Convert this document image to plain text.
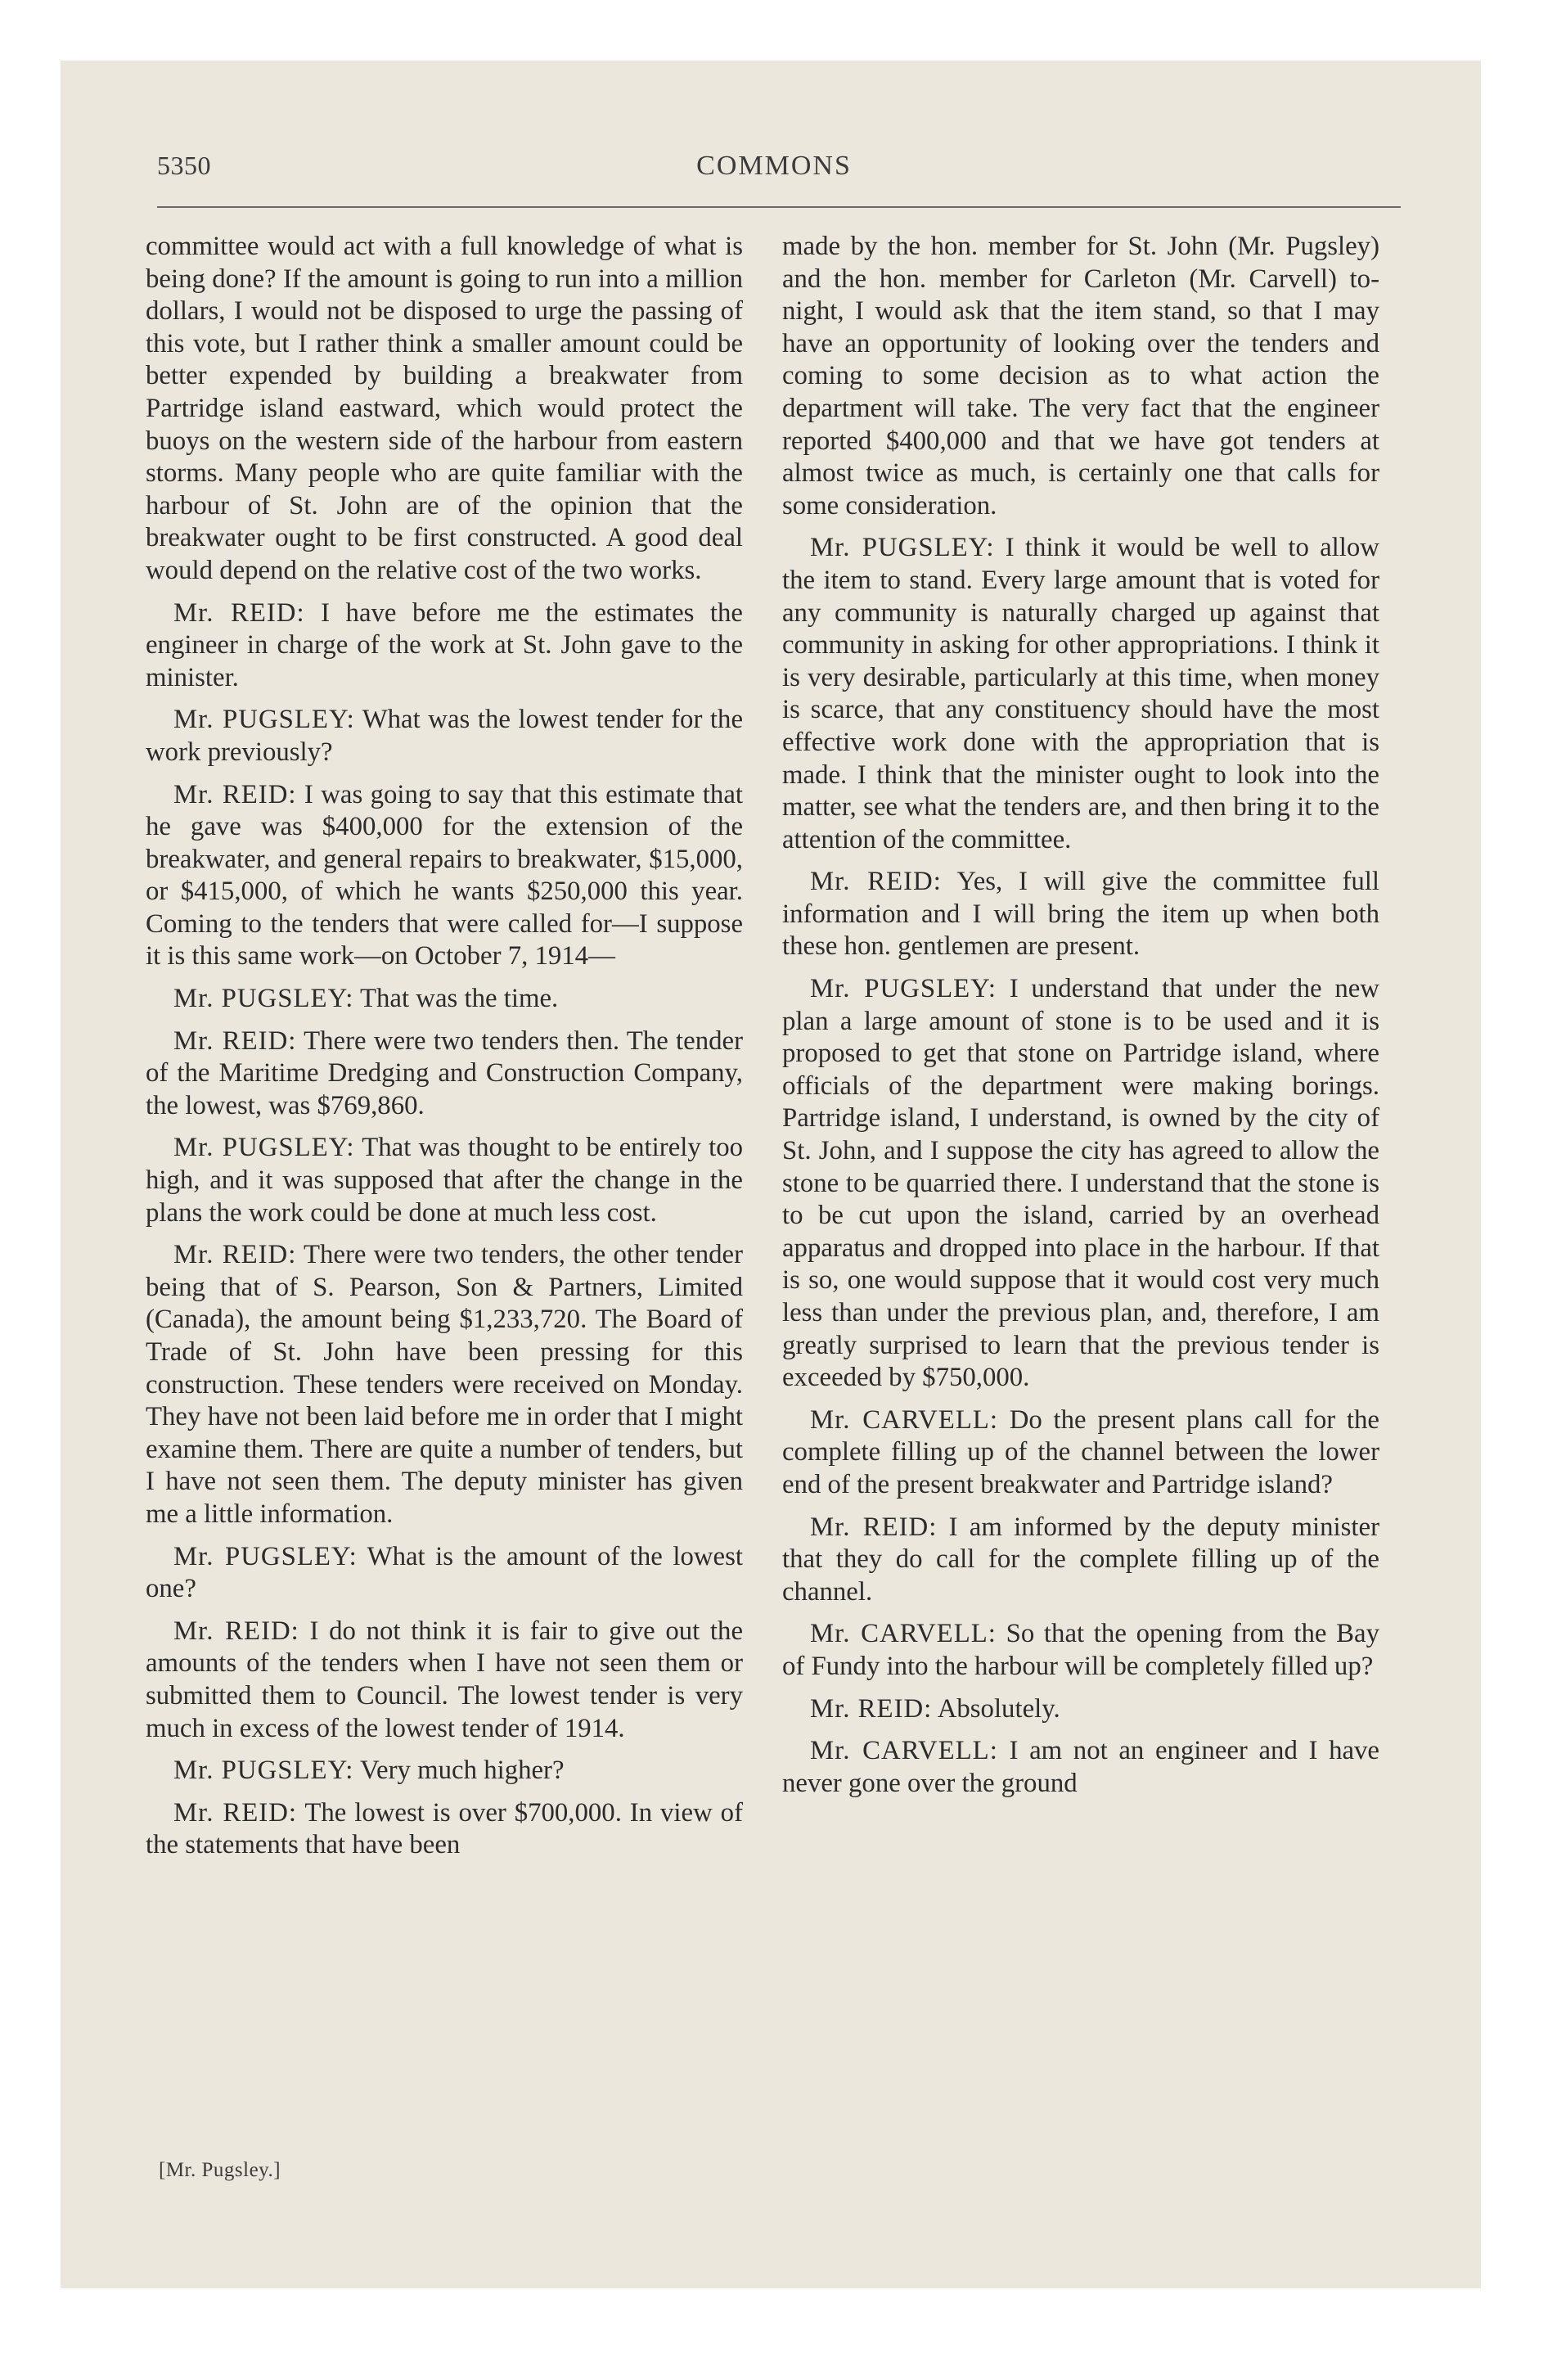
5350	COMMONS

committee would act with a full knowledge of what is being done? If the amount is going to run into a million dollars, I would not be disposed to urge the passing of this vote, but I rather think a smaller amount could be better expended by building a breakwater from Partridge island eastward, which would protect the buoys on the western side of the harbour from eastern storms. Many people who are quite familiar with the harbour of St. John are of the opinion that the breakwater ought to be first constructed. A good deal would depend on the relative cost of the two works.

Mr. REID: I have before me the estimates the engineer in charge of the work at St. John gave to the minister.

Mr. PUGSLEY: What was the lowest tender for the work previously?

Mr. REID: I was going to say that this estimate that he gave was $400,000 for the extension of the breakwater, and general repairs to breakwater, $15,000, or $415,000, of which he wants $250,000 this year. Coming to the tenders that were called for—I suppose it is this same work—on October 7, 1914—

Mr. PUGSLEY: That was the time.

Mr. REID: There were two tenders then. The tender of the Maritime Dredging and Construction Company, the lowest, was $769,860.

Mr. PUGSLEY: That was thought to be entirely too high, and it was supposed that after the change in the plans the work could be done at much less cost.

Mr. REID: There were two tenders, the other tender being that of S. Pearson, Son & Partners, Limited (Canada), the amount being $1,233,720. The Board of Trade of St. John have been pressing for this construction. These tenders were received on Monday. They have not been laid before me in order that I might examine them. There are quite a number of tenders, but I have not seen them. The deputy minister has given me a little information.

Mr. PUGSLEY: What is the amount of the lowest one?

Mr. REID: I do not think it is fair to give out the amounts of the tenders when I have not seen them or submitted them to Council. The lowest tender is very much in excess of the lowest tender of 1914.

Mr. PUGSLEY: Very much higher?

Mr. REID: The lowest is over $700,000. In view of the statements that have been

made by the hon. member for St. John (Mr. Pugsley) and the hon. member for Carleton (Mr. Carvell) to-night, I would ask that the item stand, so that I may have an opportunity of looking over the tenders and coming to some decision as to what action the department will take. The very fact that the engineer reported $400,000 and that we have got tenders at almost twice as much, is certainly one that calls for some consideration.

Mr. PUGSLEY: I think it would be well to allow the item to stand. Every large amount that is voted for any community is naturally charged up against that community in asking for other appropriations. I think it is very desirable, particularly at this time, when money is scarce, that any constituency should have the most effective work done with the appropriation that is made. I think that the minister ought to look into the matter, see what the tenders are, and then bring it to the attention of the committee.

Mr. REID: Yes, I will give the committee full information and I will bring the item up when both these hon. gentlemen are present.

Mr. PUGSLEY: I understand that under the new plan a large amount of stone is to be used and it is proposed to get that stone on Partridge island, where officials of the department were making borings. Partridge island, I understand, is owned by the city of St. John, and I suppose the city has agreed to allow the stone to be quarried there. I understand that the stone is to be cut upon the island, carried by an overhead apparatus and dropped into place in the harbour. If that is so, one would suppose that it would cost very much less than under the previous plan, and, therefore, I am greatly surprised to learn that the previous tender is exceeded by $750,000.

Mr. CARVELL: Do the present plans call for the complete filling up of the channel between the lower end of the present breakwater and Partridge island?

Mr. REID: I am informed by the deputy minister that they do call for the complete filling up of the channel.

Mr. CARVELL: So that the opening from the Bay of Fundy into the harbour will be completely filled up?

Mr. REID: Absolutely.

Mr. CARVELL: I am not an engineer and I have never gone over the ground

[Mr. Pugsley.]
